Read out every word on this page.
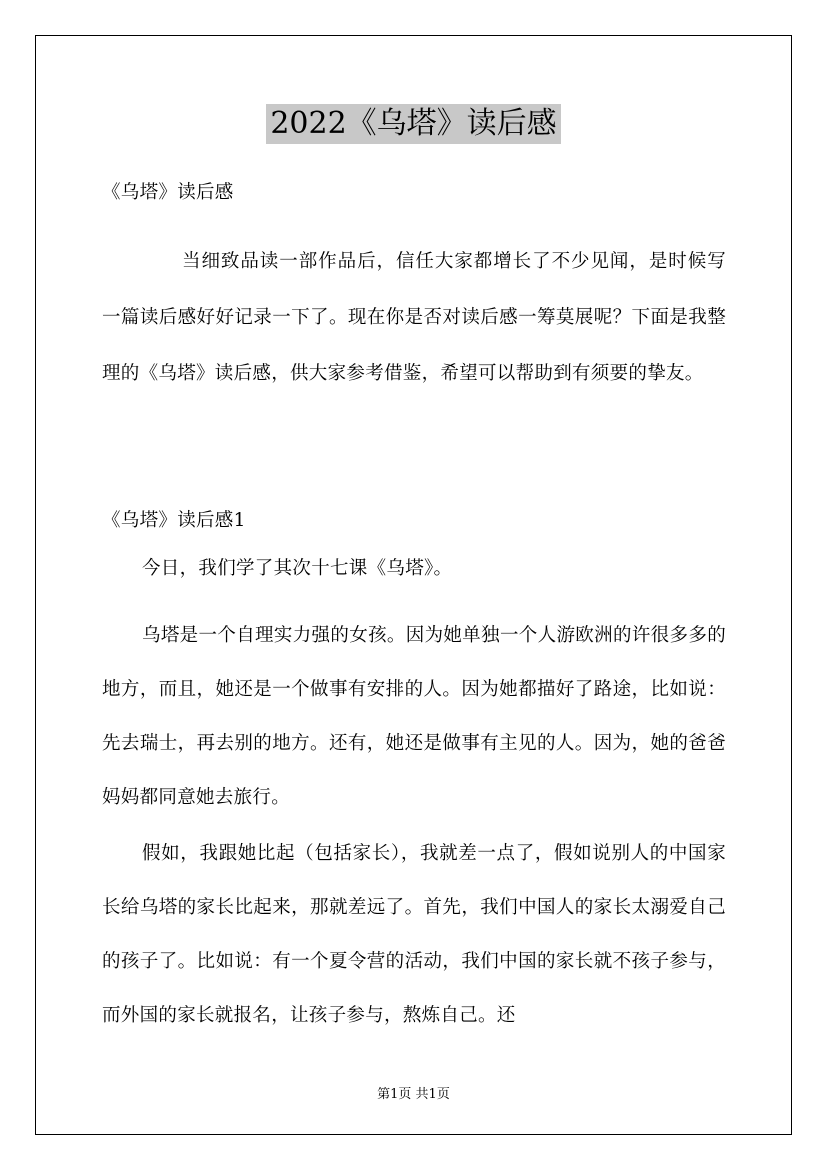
2022《乌塔》读后感
《乌塔》读后感
当细致品读一部作品后，信任大家都增长了不少见闻，是时候写一篇读后感好好记录一下了。现在你是否对读后感一筹莫展呢？下面是我整理的《乌塔》读后感，供大家参考借鉴，希望可以帮助到有须要的挚友。
《乌塔》读后感1
今日，我们学了其次十七课《乌塔》。
乌塔是一个自理实力强的女孩。因为她单独一个人游欧洲的许很多多的地方，而且，她还是一个做事有安排的人。因为她都描好了路途，比如说：先去瑞士，再去别的地方。还有，她还是做事有主见的人。因为，她的爸爸妈妈都同意她去旅行。
假如，我跟她比起（包括家长），我就差一点了，假如说别人的中国家长给乌塔的家长比起来，那就差远了。首先，我们中国人的家长太溺爱自己的孩子了。比如说：有一个夏令营的活动，我们中国的家长就不孩子参与，而外国的家长就报名，让孩子参与，熬炼自己。还
第1页 共1页
